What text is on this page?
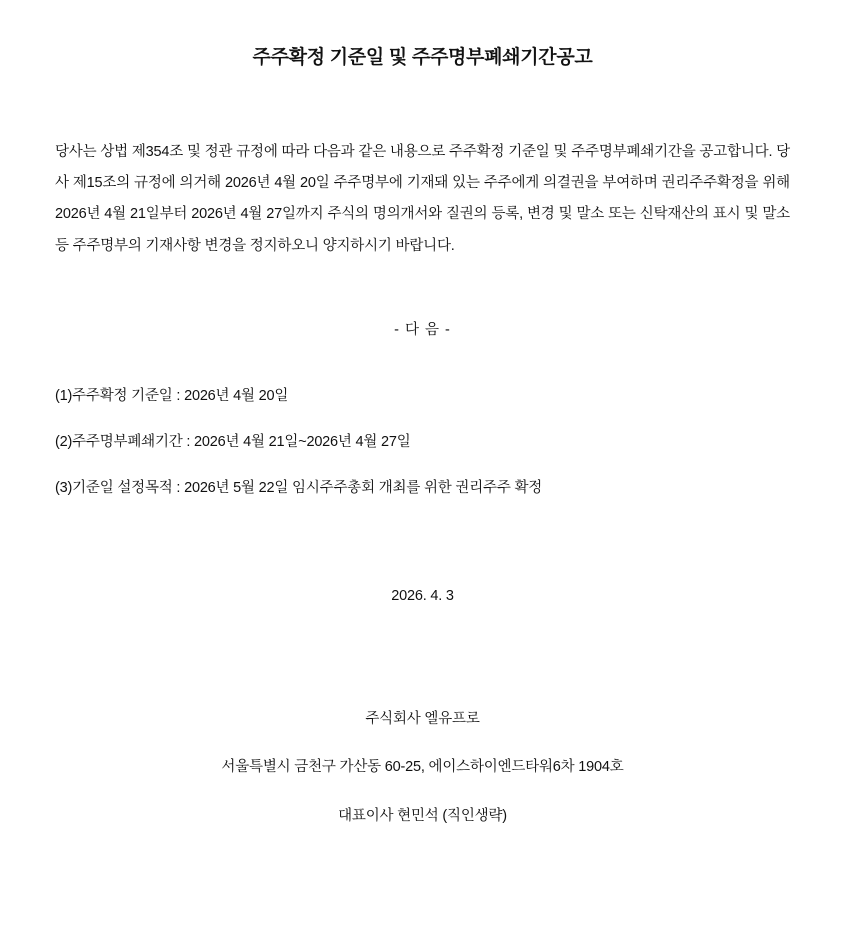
주주확정 기준일 및 주주명부폐쇄기간공고

당사는 상법 제354조 및 정관 규정에 따라 다음과 같은 내용으로 주주확정 기준일 및 주주명부폐쇄기간을 공고합니다. 당사 제15조의 규정에 의거해 2026년 4월 20일 주주명부에 기재돼 있는 주주에게 의결권을 부여하며 권리주주확정을 위해 2026년 4월 21일부터 2026년 4월 27일까지 주식의 명의개서와 질권의 등록, 변경 및 말소 또는 신탁재산의 표시 및 말소 등 주주명부의 기재사항 변경을 정지하오니 양지하시기 바랍니다.

- 다 음 -
(1)주주확정 기준일 : 2026년 4월 20일
(2)주주명부폐쇄기간 : 2026년 4월 21일~2026년 4월 27일
(3)기준일 설정목적 : 2026년 5월 22일 임시주주총회 개최를 위한 권리주주 확정
2026. 4. 3
주식회사 엘유프로
서울특별시 금천구 가산동 60-25, 에이스하이엔드타워6차 1904호
대표이사 현민석 (직인생략)
